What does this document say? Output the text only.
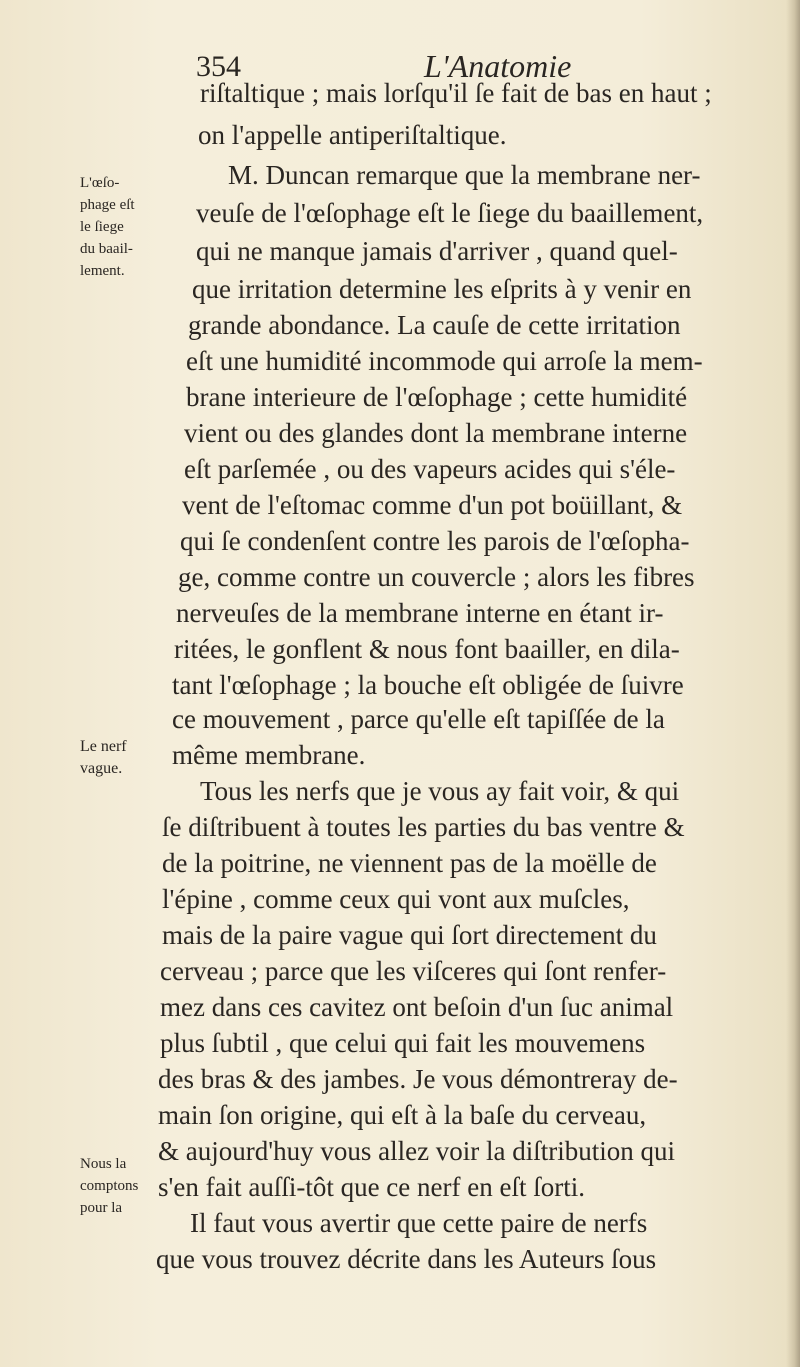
354	L'Anatomie
L'œſo-
phage eſt
le ſiege
du baail-
lement.
Le nerf
vague.
Nous la
comptons
pour la
riſtaltique ; mais lorſqu'il ſe fait de bas en haut ;
on l'appelle antiperiſtaltique.
M. Duncan remarque que la membrane ner-
veuſe de l'œſophage eſt le ſiege du baaillement,
qui ne manque jamais d'arriver , quand quel-
que irritation determine les eſprits à y venir en
grande abondance. La cauſe de cette irritation
eſt une humidité incommode qui arroſe la mem-
brane interieure de l'œſophage ; cette humidité
vient ou des glandes dont la membrane interne
eſt parſemée , ou des vapeurs acides qui s'éle-
vent de l'eſtomac comme d'un pot boüillant, &
qui ſe condenſent contre les parois de l'œſopha-
ge, comme contre un couvercle ; alors les fibres
nerveuſes de la membrane interne en étant ir-
ritées, le gonflent & nous font baailler, en dila-
tant l'œſophage ; la bouche eſt obligée de ſuivre
ce mouvement , parce qu'elle eſt tapiſſée de la
même membrane.
Tous les nerfs que je vous ay fait voir, & qui
ſe diſtribuent à toutes les parties du bas ventre &
de la poitrine, ne viennent pas de la moëlle de
l'épine , comme ceux qui vont aux muſcles,
mais de la paire vague qui ſort directement du
cerveau ; parce que les viſceres qui ſont renfer-
mez dans ces cavitez ont beſoin d'un ſuc animal
plus ſubtil , que celui qui fait les mouvemens
des bras & des jambes. Je vous démontreray de-
main ſon origine, qui eſt à la baſe du cerveau,
& aujourd'huy vous allez voir la diſtribution qui
s'en fait auſſi-tôt que ce nerf en eſt ſorti.
Il faut vous avertir que cette paire de nerfs
que vous trouvez décrite dans les Auteurs ſous
